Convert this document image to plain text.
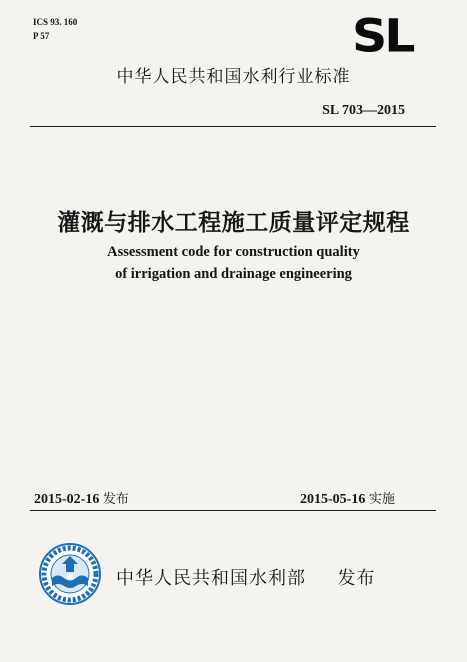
ICS 93. 160
P 57	SL
中华人民共和国水利行业标准
SL 703—2015
灌溉与排水工程施工质量评定规程
Assessment code for construction quality
of irrigation and drainage engineering
2015-02-16 发布	2015-05-16 实施
中华人民共和国水利部 发布
